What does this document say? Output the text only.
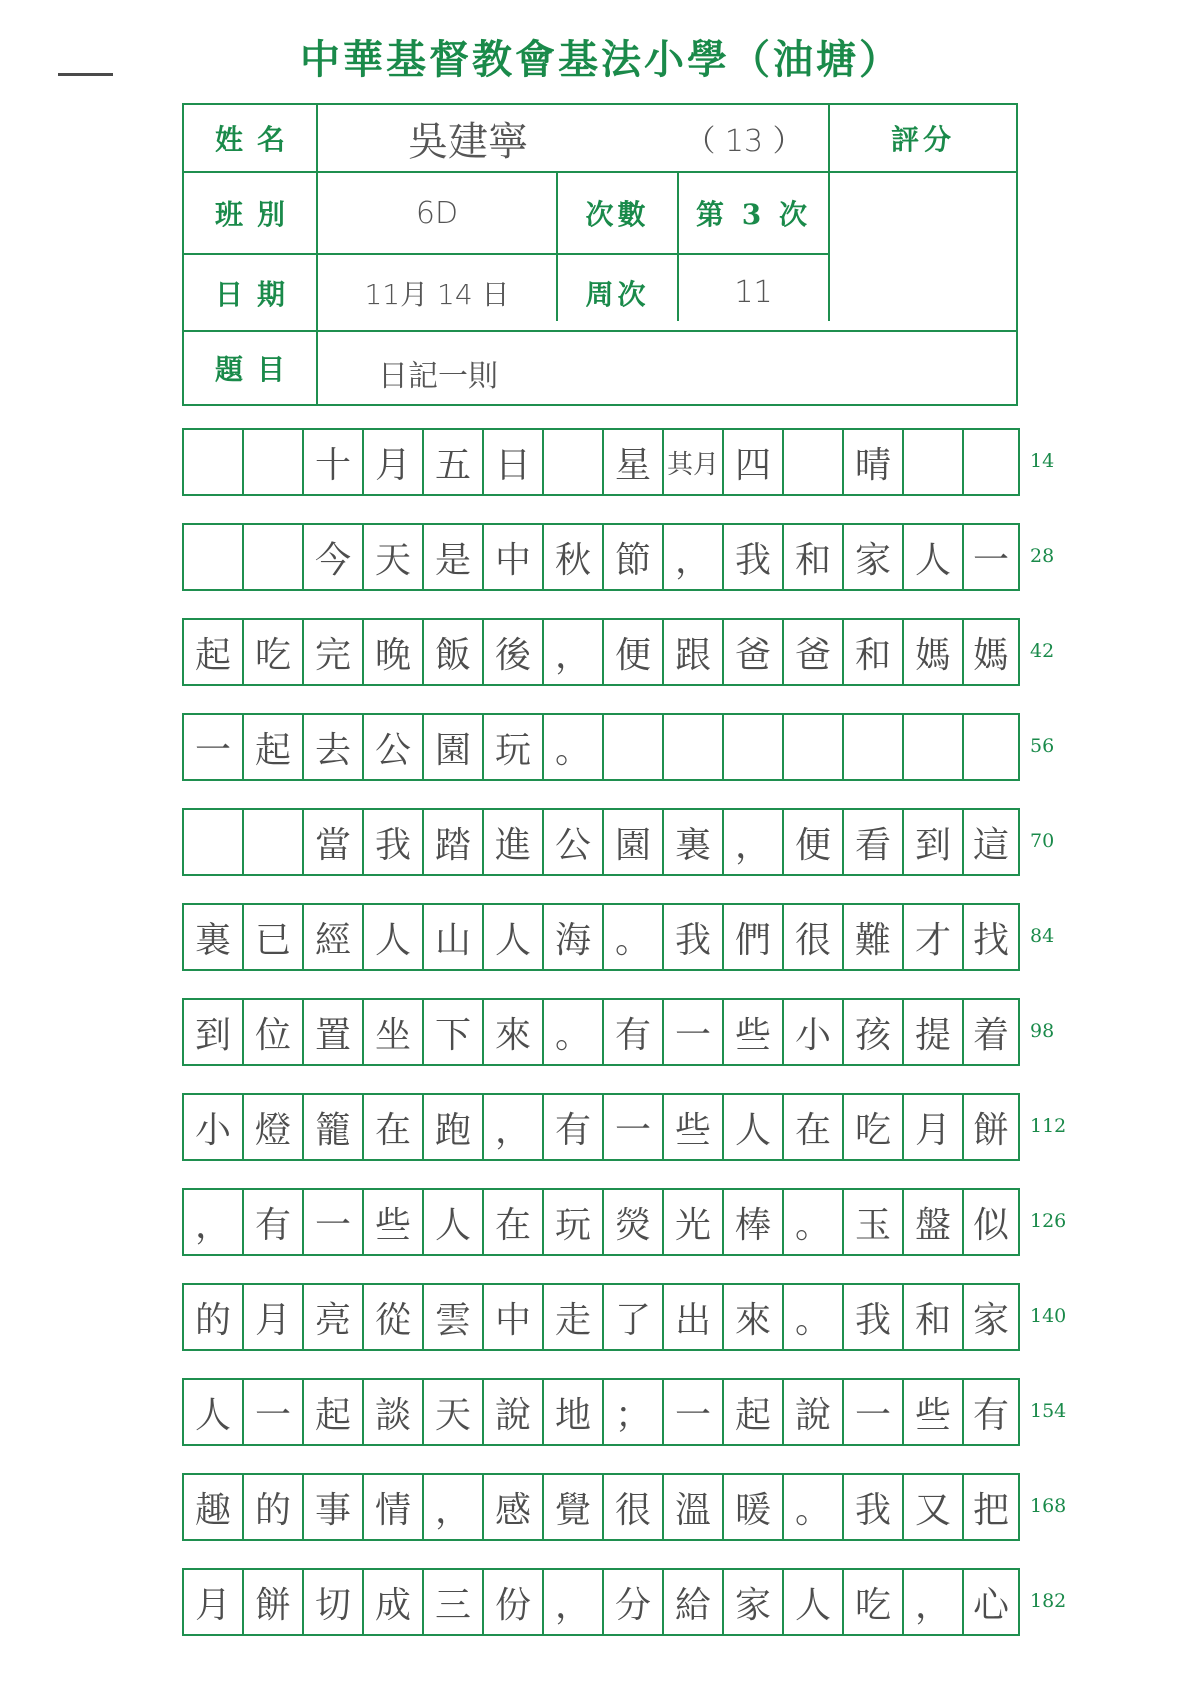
中華基督教會基法小學（油塘）
姓名	吳建寧	（ 13 ）	評分
班別	6D	次數	第 3 次
日期	11月 14 日	周次	11
題目	日記一則
十 月 五 日	星 其月 四	晴	14
今 天 是 中 秋 節 ， 我 和 家 人 一	28
起 吃 完 晚 飯 後 ， 便 跟 爸 爸 和 媽 媽	42
一 起 去 公 園 玩 。	56
當 我 踏 進 公 園 裏 ， 便 看 到 這	70
裏 已 經 人 山 人 海 。 我 們 很 難 才 找	84
到 位 置 坐 下 來 。 有 一 些 小 孩 提 着	98
小 燈 籠 在 跑 ， 有 一 些 人 在 吃 月 餅	112
， 有 一 些 人 在 玩 熒 光 棒 。 玉 盤 似	126
的 月 亮 從 雲 中 走 了 出 來 。 我 和 家	140
人 一 起 談 天 說 地 ； 一 起 說 一 些 有	154
趣 的 事 情 ， 感 覺 很 溫 暖 。 我 又 把	168
月 餅 切 成 三 份 ， 分 給 家 人 吃 ， 心	182
